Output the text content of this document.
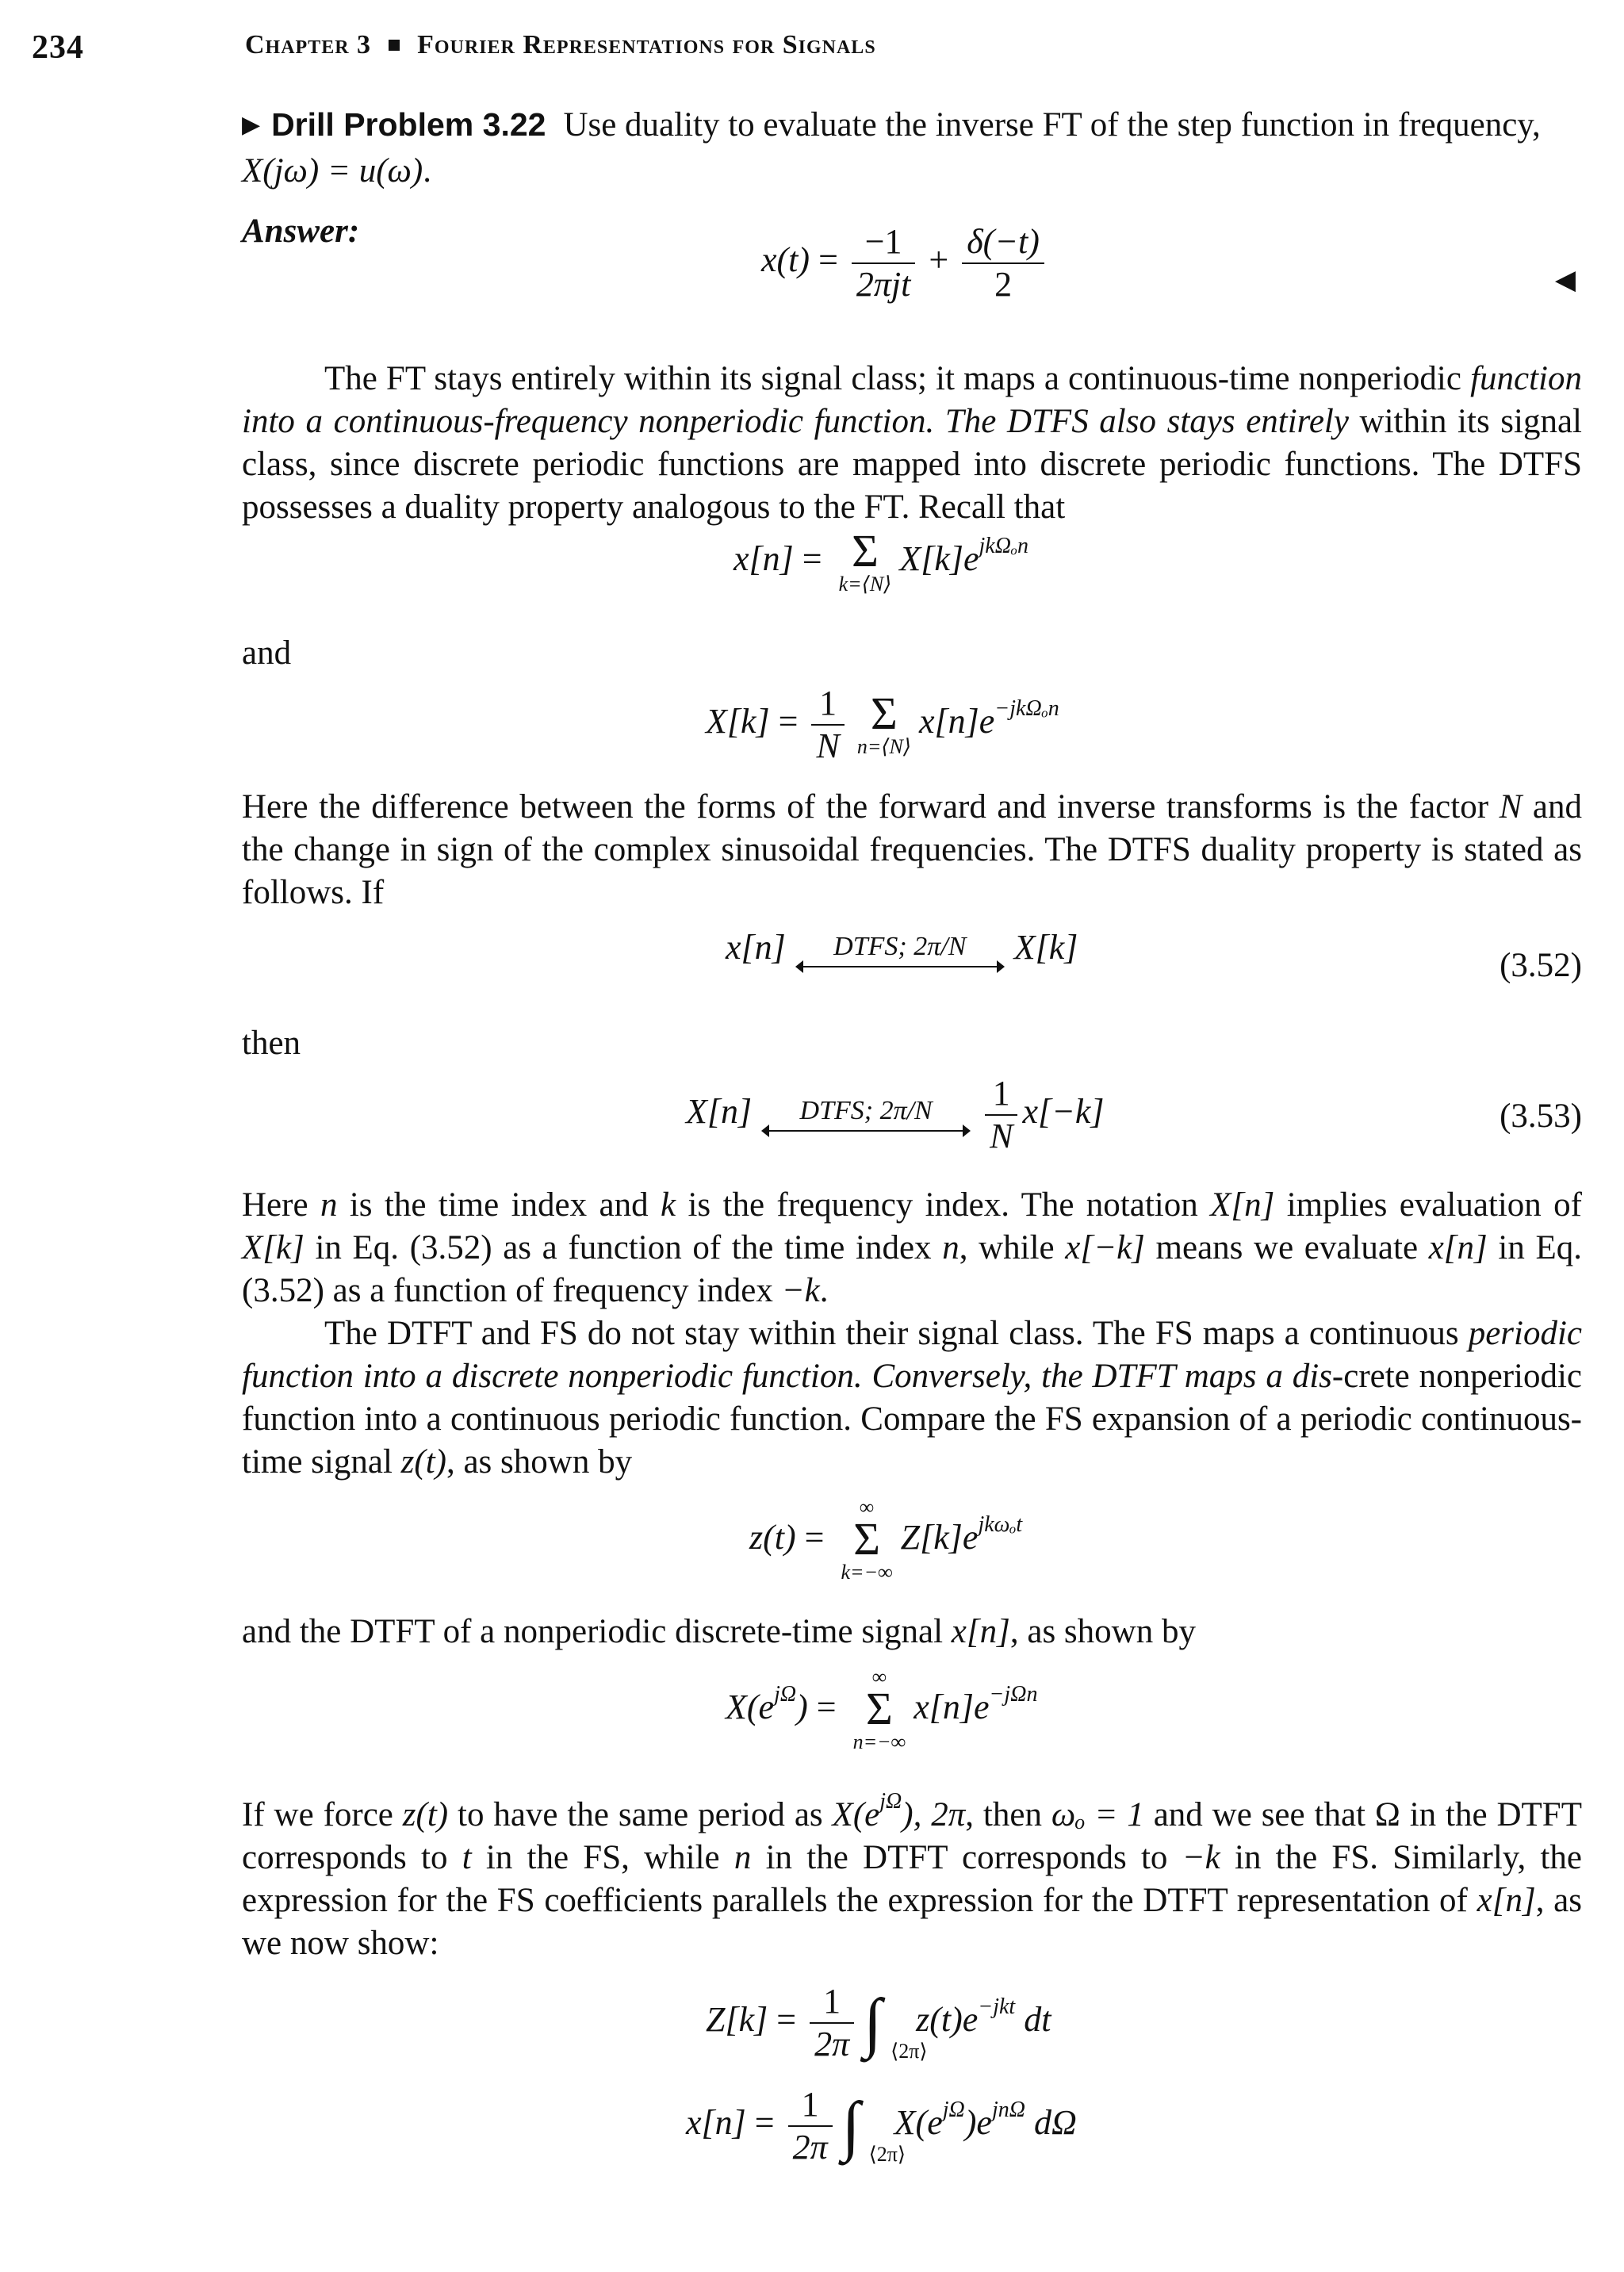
234	Chapter 3 Fourier Representations for Signals

▶ Drill Problem 3.22 Use duality to evaluate the inverse FT of the step function in frequency, X(jω) = u(ω).

Answer:

$x(t) = \frac{-1}{\text{2πjt}} + \frac{\delta(-t)}{2}$	◀

The FT stays entirely within its signal class; it maps a continuous-time nonperiodic function into a continuous-frequency nonperiodic function. The DTFS also stays entirely within its signal class, since discrete periodic functions are mapped into discrete periodic functions. The DTFS possesses a duality property analogous to the FT. Recall that

x[n] = Σ
k=⟨N⟩
$X[k]e^{jk\Omega_on}$

and

$X[k] = \frac{1}{N}$ Σ
n=⟨N⟩
$x[n]e^{-jk\Omega_on}$

Here the difference between the forms of the forward and inverse transforms is the factor N and the change in sign of the complex sinusoidal frequencies. The DTFS duality property is stated as follows. If

x[n]	DTFS; 2π/N	X[k]	(3.52)

then

X[n]	DTFS; 2π/N	$\frac{1}{N} x[-k]$	(3.53)

Here n is the time index and k is the frequency index. The notation X[n] implies evaluation of X[k] in Eq. (3.52) as a function of the time index n, while x[−k] means we evaluate x[n] in Eq. (3.52) as a function of frequency index −k.

The DTFT and FS do not stay within their signal class. The FS maps a continuous periodic function into a discrete nonperiodic function. Conversely, the DTFT maps a dis-crete nonperiodic function into a continuous periodic function. Compare the FS expansion of a periodic continuous-time signal z(t), as shown by

z(t) =
∞
Σ
k=−∞
$Z[k]e^{jk\omega_ot}$

and the DTFT of a nonperiodic discrete-time signal x[n], as shown by

$X(e^{j\Omega})$ =
∞
Σ
n=−∞
$x[n]e^{-j\Omega n}$

If we force z(t) to have the same period as $X(e^{j\Omega})$, 2π, then ωₒ = 1 and we see that Ω in the DTFT corresponds to t in the FS, while n in the DTFT corresponds to −k in the FS. Similarly, the expression for the FS coefficients parallels the expression for the DTFT representation of x[n], as we now show:

$Z[k] = \frac{1}{2\pi}$ ∫ ⟨2π⟩
$z(t)e^{-jkt}$ dt
$x[n] = \frac{1}{2\pi}$ ∫ ⟨2π⟩
$X(e^{j\Omega})e^{jn\Omega}$ dΩ
